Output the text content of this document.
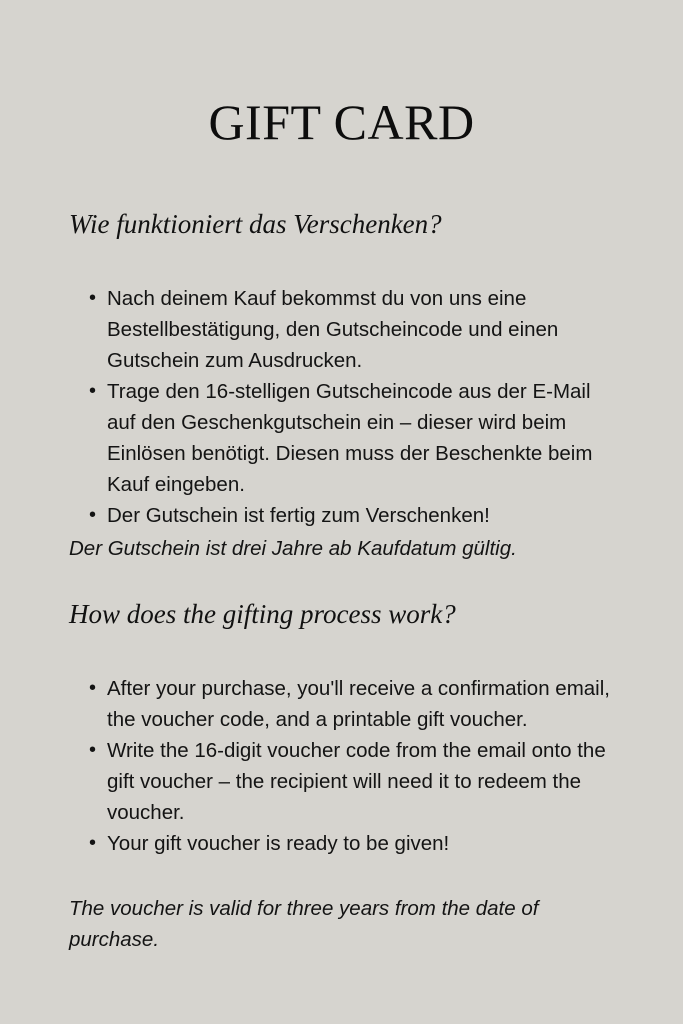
GIFT CARD
Wie funktioniert das Verschenken?
• Nach deinem Kauf bekommst du von uns eine Bestellbestätigung, den Gutscheincode und einen Gutschein zum Ausdrucken.
• Trage den 16-stelligen Gutscheincode aus der E-Mail auf den Geschenkgutschein ein – dieser wird beim Einlösen benötigt. Diesen muss der Beschenkte beim Kauf eingeben.
• Der Gutschein ist fertig zum Verschenken!

Der Gutschein ist drei Jahre ab Kaufdatum gültig.

How does the gifting process work?
• After your purchase, you'll receive a confirmation email, the voucher code, and a printable gift voucher.
• Write the 16-digit voucher code from the email onto the gift voucher – the recipient will need it to redeem the voucher.
• Your gift voucher is ready to be given!

The voucher is valid for three years from the date of purchase.
